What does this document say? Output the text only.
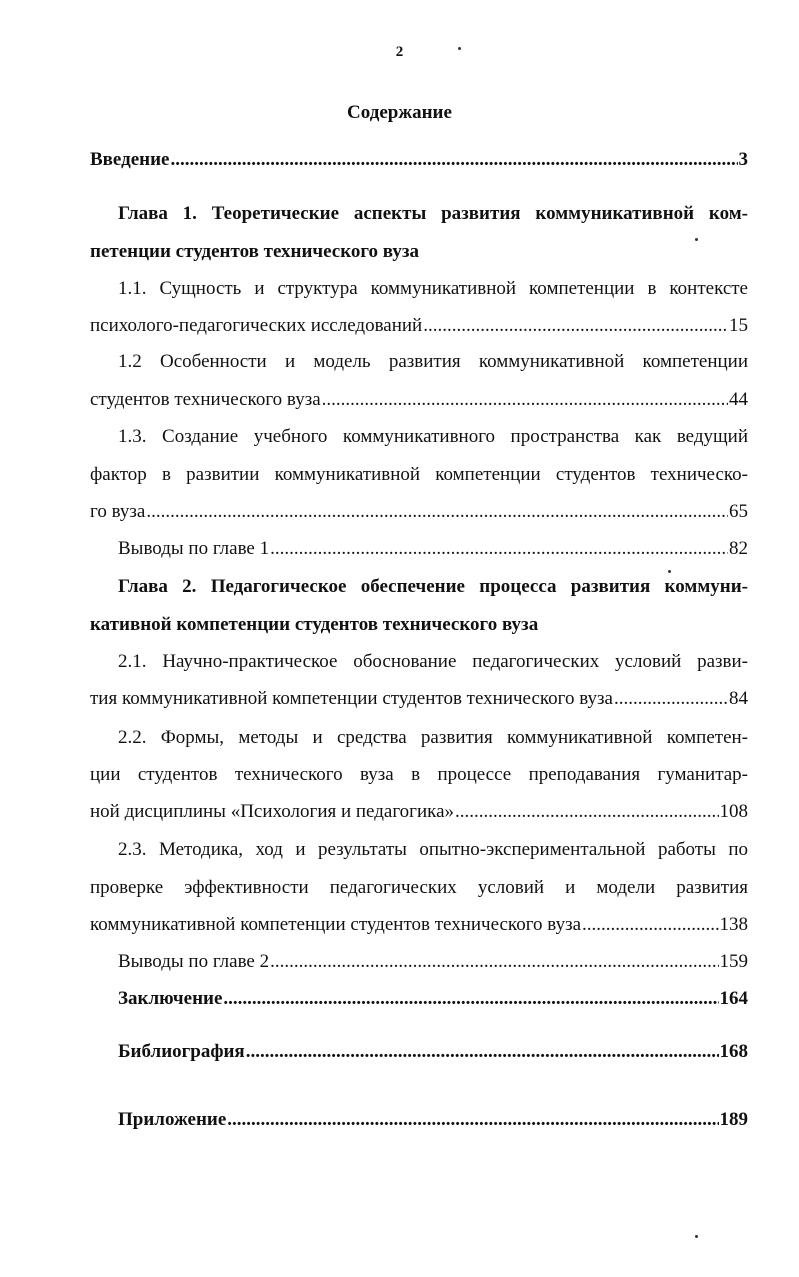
2
Содержание
Введение .....	3
Глава 1. Теоретические аспекты развития коммуникативной ком-
петенции студентов технического вуза
1.1. Сущность и структура коммуникативной компетенции в контексте
психолого-педагогических исследований .....	15
1.2 Особенности и модель развития коммуникативной компетенции
студентов технического вуза .....	44
1.3. Создание учебного коммуникативного пространства как ведущий
фактор в развитии коммуникативной компетенции студентов техническо-
го вуза .....	65
Выводы по главе 1 .....	82
Глава 2. Педагогическое обеспечение процесса развития коммуни-
кативной компетенции студентов технического вуза
2.1. Научно-практическое обоснование педагогических условий разви-
тия коммуникативной компетенции студентов технического вуза .....	84
2.2. Формы, методы и средства развития коммуникативной компетен-
ции студентов технического вуза в процессе преподавания гуманитар-
ной дисциплины «Психология и педагогика» .....	108
2.3. Методика, ход и результаты опытно-экспериментальной работы по
проверке эффективности педагогических условий и модели развития
коммуникативной компетенции студентов технического вуза .....	138
Выводы по главе 2 .....	159
Заключение .....	164
Библиография .....	168
Приложение .....	189
